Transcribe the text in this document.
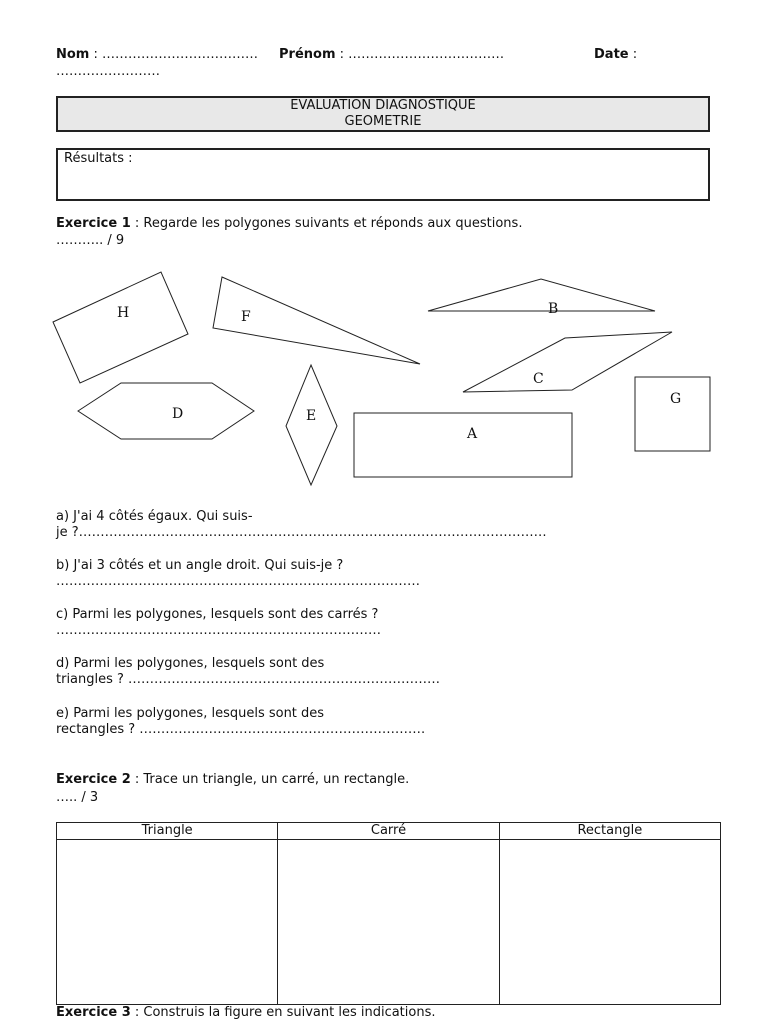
Nom : ……………………………… Prénom : ………………………………	Date :
……………………
EVALUATION DIAGNOSTIQUE
GEOMETRIE
Résultats :
Exercice 1 : Regarde les polygones suivants et réponds aux questions.
……….. / 9
H	F	B
C
G
D	E
A
a) J'ai 4 côtés égaux. Qui suis-
je ?………………………………………………………………………………………………
b) J'ai 3 côtés et un angle droit. Qui suis-je ?
…………………………………………………………………………
c) Parmi les polygones, lesquels sont des carrés ?
…………………………………………………………………
d) Parmi les polygones, lesquels sont des
triangles ? ………………………………………………………………
e) Parmi les polygones, lesquels sont des
rectangles ? …………………………………………………………
Exercice 2 : Trace un triangle, un carré, un rectangle.
….. / 3
Triangle	Carré	Rectangle

Exercice 3 : Construis la figure en suivant les indications.
